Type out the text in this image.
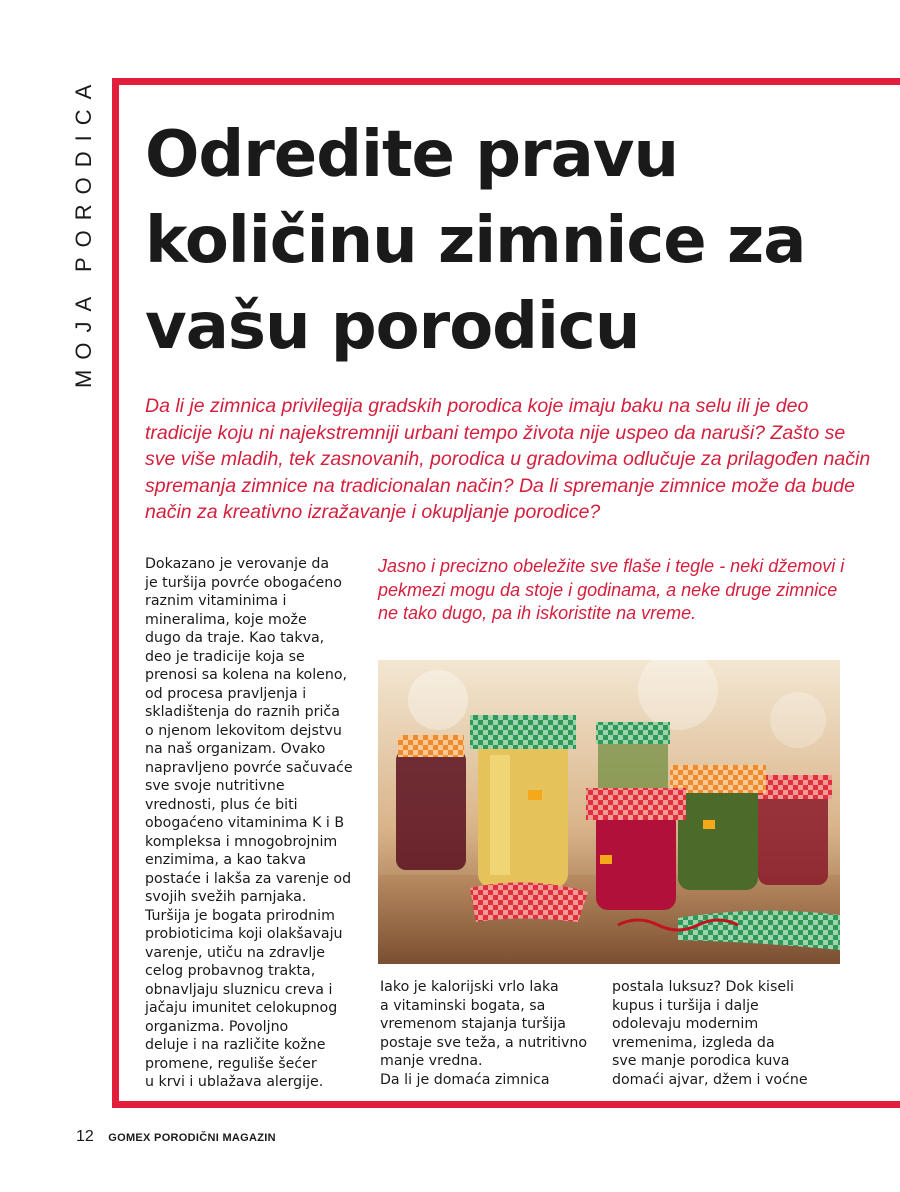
MOJA PORODICA Odredite pravu količinu zimnice za vašu porodicu

Da li je zimnica privilegija gradskih porodica koje imaju baku na selu ili je deo tradicije koju ni najekstremniji urbani tempo života nije uspeo da naruši? Zašto se sve više mladih, tek zasnovanih, porodica u gradovima odlučuje za prilagođen način spremanja zimnice na tradicionalan način? Da li spremanje zimnice može da bude način za kreativno izražavanje i okupljanje porodice?

Dokazano je verovanje da
je turšija povrće obogaćeno
raznim vitaminima i
mineralima, koje može
dugo da traje. Kao takva,
deo je tradicije koja se
prenosi sa kolena na koleno,
od procesa pravljenja i
skladištenja do raznih priča
o njenom lekovitom dejstvu
na naš organizam. Ovako
napravljeno povrće sačuvaće
sve svoje nutritivne
vrednosti, plus će biti
obogaćeno vitaminima K i B
kompleksa i mnogobrojnim
enzimima, a kao takva
postaće i lakša za varenje od
svojih svežih parnjaka.
Turšija je bogata prirodnim
probioticima koji olakšavaju
varenje, utiču na zdravlje
celog probavnog trakta,
obnavljaju sluznicu creva i
jačaju imunitet celokupnog
organizma. Povoljno
deluje i na različite kožne
promene, reguliše šećer
u krvi i ublažava alergije.

Jasno i precizno obeležite sve flaše i tegle - neki džemovi i pekmezi mogu da stoje i godinama, a neke druge zimnice ne tako dugo, pa ih iskoristite na vreme.

Iako je kalorijski vrlo laka
a vitaminski bogata, sa
vremenom stajanja turšija
postaje sve teža, a nutritivno
manje vredna.
Da li je domaća zimnica

postala luksuz? Dok kiseli
kupus i turšija i dalje
odolevaju modernim
vremenima, izgleda da
sve manje porodica kuva
domaći ajvar, džem i voćne

12 GOMEX PORODIČNI MAGAZIN
